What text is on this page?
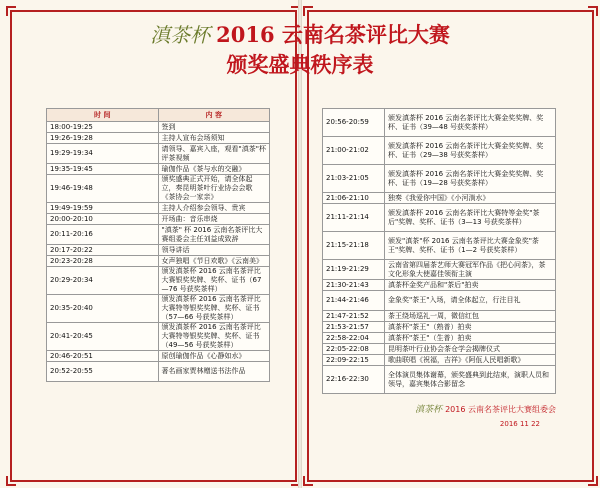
滇茶杯 2016 云南名茶评比大赛
颁奖盛典秩序表
时 间	内 容
18:00-19:25	签到
19:26-19:28	主持人宣布会场须知
19:29-19:34	请领导、嘉宾入座，观看"滇茶"杯评茶视频
19:35-19:45	瑜伽作品《茶与水的交融》
19:46-19:48	颁奖盛典正式开始，请全体起立，奏昆明茶叶行业协会会歌《茶协会一家亲》
19:49-19:59	主持人介绍参会领导、贵宾
20:00-20:10	开场曲：音乐串烧
20:11-20:16	"滇茶" 杯 2016 云南名茶评比大赛组委会主任刘益成致辞
20:17-20:22	领导讲话
20:23-20:28	女声独唱《节日欢歌》《云南美》
20:29-20:34	颁发滇茶杯 2016 云南名茶评比大赛银奖奖牌、奖杯、证书（67—76 号获奖茶样）
20:35-20:40	颁发滇茶杯 2016 云南名茶评比大赛特等银奖奖牌、奖杯、证书（57—66 号获奖茶样）
20:41-20:45	颁发滇茶杯 2016 云南名茶评比大赛特等银奖奖牌、奖杯、证书（49—56 号获奖茶样）
20:46-20:51	原创瑜伽作品《心静如水》
20:52-20:55	著名画家贾林赠送书法作品
20:56-20:59	颁发滇茶杯 2016 云南名茶评比大赛金奖奖牌、奖杯、证书（39—48 号获奖茶样）
21:00-21:02	颁发滇茶杯 2016 云南名茶评比大赛金奖奖牌、奖杯、证书（29—38 号获奖茶样）
21:03-21:05	颁发滇茶杯 2016 云南名茶评比大赛金奖奖牌、奖杯、证书（19—28 号获奖茶样）
21:06-21:10	独奏《我爱你中国》《小河淌水》
21:11-21:14	颁发滇茶杯 2016 云南名茶评比大赛特等金奖"茶后"奖牌、奖杯、证书（3—13 号获奖茶样）
21:15-21:18	颁发"滇茶"杯 2016 云南名茶评比大赛金象奖"茶王"奖牌、奖杯、证书（1—2 号获奖茶样）
21:19-21:29	云南省第四届茶艺师大赛冠军作品《把心问茶》，茶文化形象大使嘉佳领衔主演
21:30-21:43	滇茶杯金奖产品和"茶后"拍卖
21:44-21:46	金象奖"茶王"入场，请全体起立，行注目礼
21:47-21:52	茶王绕场巡礼一周，微信红包
21:53-21:57	滇茶杯"茶王"（熟普）拍卖
22:58-22:04	滇茶杯"茶王"（生普）拍卖
22:05-22:08	昆明茶叶行业协会茶仓学会揭牌仪式
22:09-22:15	歌曲联唱《祝福，吉祥》《阿佤人民唱新歌》
22:16-22:30	全体演员集体谢幕，颁奖盛典到此结束，演职人员和领导，嘉宾集体合影留念
滇茶杯 2016 云南名茶评比大赛组委会
2016 11 22
